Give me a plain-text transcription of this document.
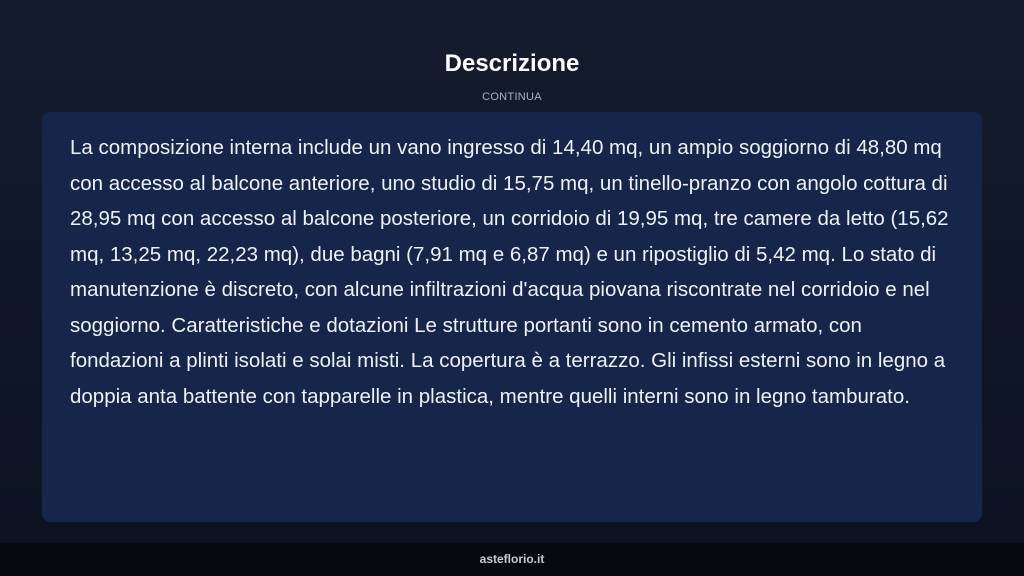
Descrizione
CONTINUA

La composizione interna include un vano ingresso di 14,40 mq, un ampio soggiorno di 48,80 mq con accesso al balcone anteriore, uno studio di 15,75 mq, un tinello-pranzo con angolo cottura di 28,95 mq con accesso al balcone posteriore, un corridoio di 19,95 mq, tre camere da letto (15,62 mq, 13,25 mq, 22,23 mq), due bagni (7,91 mq e 6,87 mq) e un ripostiglio di 5,42 mq. Lo stato di manutenzione è discreto, con alcune infiltrazioni d'acqua piovana riscontrate nel corridoio e nel soggiorno. Caratteristiche e dotazioni Le strutture portanti sono in cemento armato, con fondazioni a plinti isolati e solai misti. La copertura è a terrazzo. Gli infissi esterni sono in legno a doppia anta battente con tapparelle in plastica, mentre quelli interni sono in legno tamburato.

asteflorio.it
